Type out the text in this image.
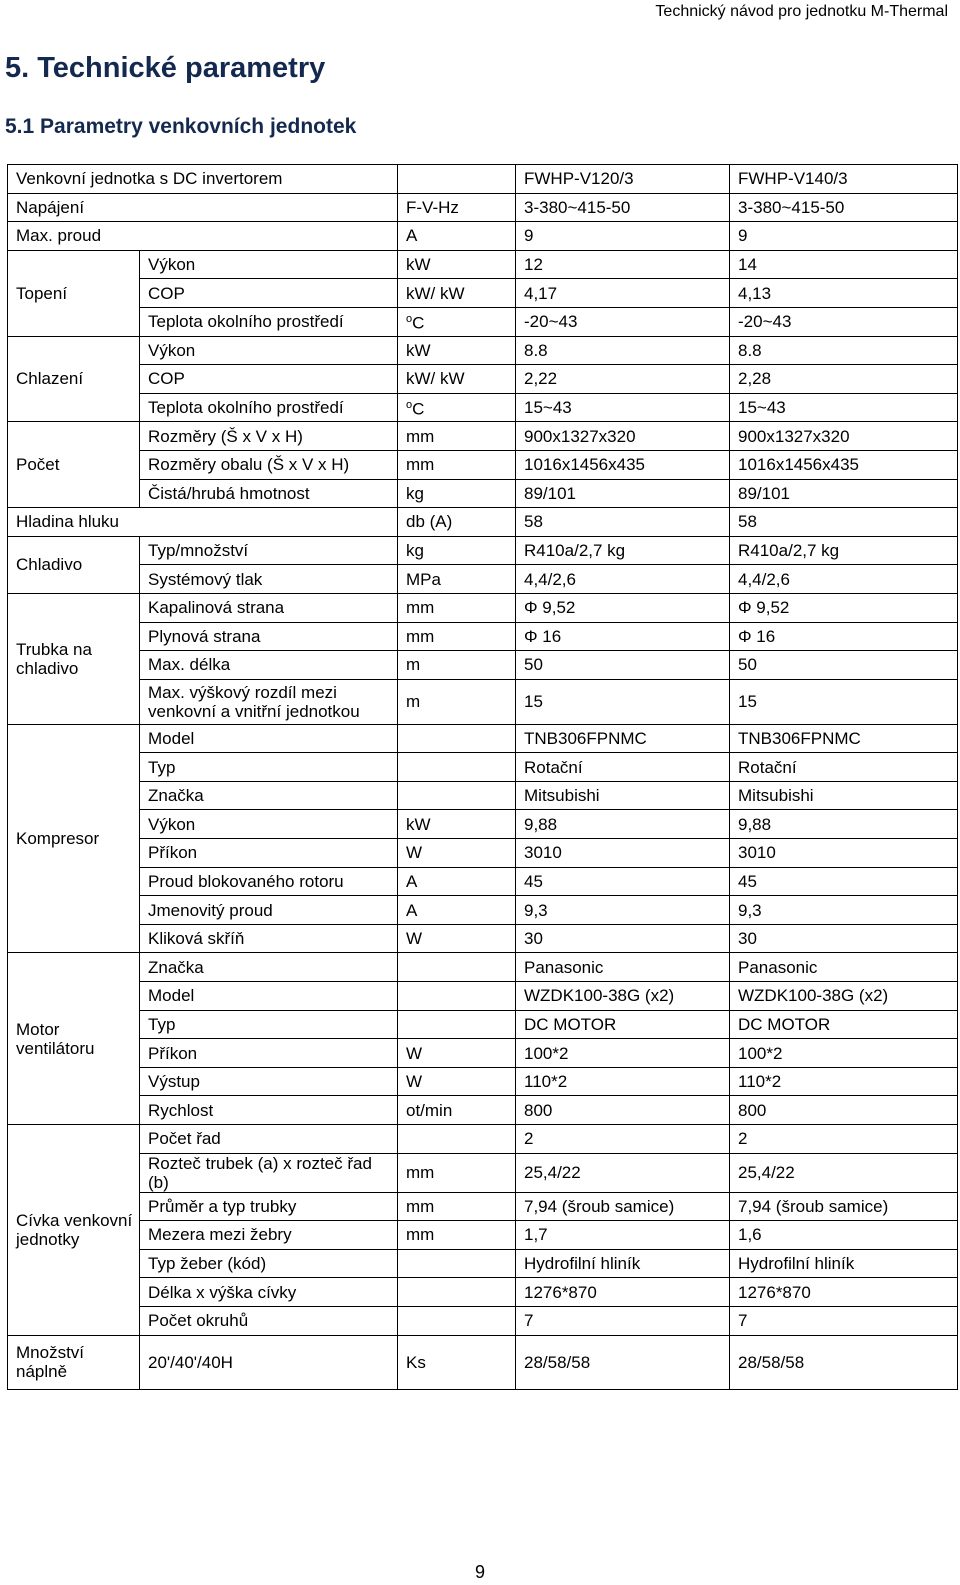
Technický návod pro jednotku M-Thermal
5. Technické parametry
5.1 Parametry venkovních jednotek
Venkovní jednotka s DC invertorem			FWHP-V120/3	FWHP-V140/3
Napájení		F-V-Hz	3-380~415-50	3-380~415-50
Max. proud		A	9	9
Topení	Výkon	kW	12	14
	COP	kW/ kW	4,17	4,13
	Teplota okolního prostředí	$^o$C	-20~43	-20~43
Chlazení	Výkon	kW	8.8	8.8
	COP	kW/ kW	2,22	2,28
	Teplota okolního prostředí	$^o$C	15~43	15~43
Počet	Rozměry (Š x V x H)	mm	900x1327x320	900x1327x320
	Rozměry obalu (Š x V x H)	mm	1016x1456x435	1016x1456x435
	Čistá/hrubá hmotnost	kg	89/101	89/101
Hladina hluku		db (A)	58	58
Chladivo	Typ/množství	kg	R410a/2,7 kg	R410a/2,7 kg
	Systémový tlak	MPa	4,4/2,6	4,4/2,6
Trubka na chladivo	Kapalinová strana	mm	Φ 9,52	Φ 9,52
	Plynová strana	mm	Φ 16	Φ 16
	Max. délka	m	50	50
	Max. výškový rozdíl mezi venkovní a vnitřní jednotkou	m	15	15
Kompresor	Model		TNB306FPNMC	TNB306FPNMC
	Typ		Rotační	Rotační
	Značka		Mitsubishi	Mitsubishi
	Výkon	kW	9,88	9,88
	Příkon	W	3010	3010
	Proud blokovaného rotoru	A	45	45
	Jmenovitý proud	A	9,3	9,3
	Kliková skříň	W	30	30
Motor ventilátoru	Značka		Panasonic	Panasonic
	Model		WZDK100-38G (x2)	WZDK100-38G (x2)
	Typ		DC MOTOR	DC MOTOR
	Příkon	W	100*2	100*2
	Výstup	W	110*2	110*2
	Rychlost	ot/min	800	800
Cívka venkovní jednotky	Počet řad		2	2
	Rozteč trubek (a) x rozteč řad (b)	mm	25,4/22	25,4/22
	Průměr a typ trubky	mm	7,94 (šroub samice)	7,94 (šroub samice)
	Mezera mezi žebry	mm	1,7	1,6
	Typ žeber (kód)		Hydrofilní hliník	Hydrofilní hliník
	Délka x výška cívky		1276*870	1276*870
	Počet okruhů		7	7
Množství náplně	20'/40'/40H	Ks	28/58/58	28/58/58
9
